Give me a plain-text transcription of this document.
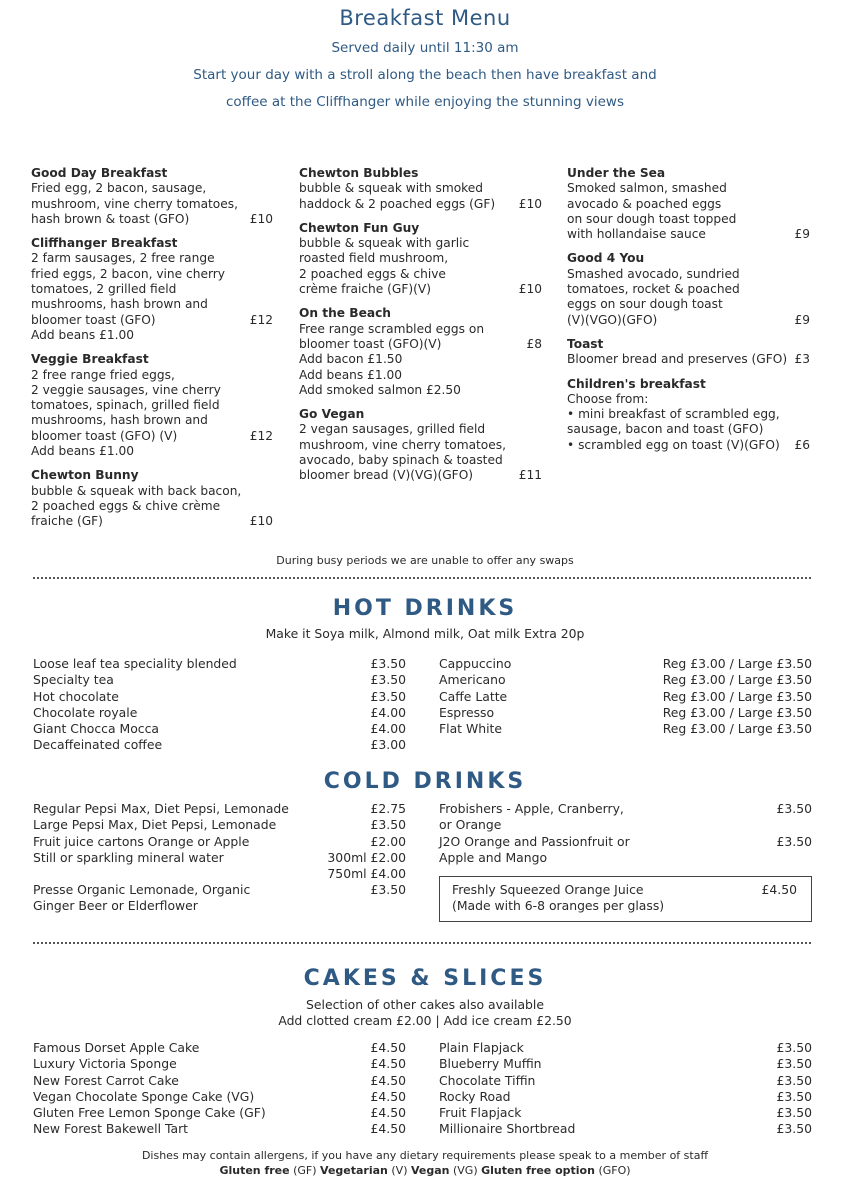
Breakfast Menu
Served daily until 11:30 am
Start your day with a stroll along the beach then have breakfast and
coffee at the Cliffhanger while enjoying the stunning views
Good Day Breakfast
Fried egg, 2 bacon, sausage,
mushroom, vine cherry tomatoes,
hash brown & toast (GFO)	£10
Cliffhanger Breakfast
2 farm sausages, 2 free range
fried eggs, 2 bacon, vine cherry
tomatoes, 2 grilled field
mushrooms, hash brown and
bloomer toast (GFO)	£12
Add beans £1.00
Veggie Breakfast
2 free range fried eggs,
2 veggie sausages, vine cherry
tomatoes, spinach, grilled field
mushrooms, hash brown and
bloomer toast (GFO) (V)	£12
Add beans £1.00
Chewton Bunny
bubble & squeak with back bacon,
2 poached eggs & chive crème
fraiche (GF)	£10
Chewton Bubbles
bubble & squeak with smoked
haddock & 2 poached eggs (GF)	£10
Chewton Fun Guy
bubble & squeak with garlic
roasted field mushroom,
2 poached eggs & chive
crème fraiche (GF)(V)	£10
On the Beach
Free range scrambled eggs on
bloomer toast (GFO)(V)	£8
Add bacon £1.50
Add beans £1.00
Add smoked salmon £2.50
Go Vegan
2 vegan sausages, grilled field
mushroom, vine cherry tomatoes,
avocado, baby spinach & toasted
bloomer bread (V)(VG)(GFO)	£11
Under the Sea
Smoked salmon, smashed
avocado & poached eggs
on sour dough toast topped
with hollandaise sauce	£9
Good 4 You
Smashed avocado, sundried
tomatoes, rocket & poached
eggs on sour dough toast
(V)(VGO)(GFO)	£9
Toast
Bloomer bread and preserves (GFO) £3
Children's breakfast
Choose from:
• mini breakfast of scrambled egg,
sausage, bacon and toast (GFO)
• scrambled egg on toast (V)(GFO)	£6
During busy periods we are unable to offer any swaps
HOT DRINKS
Make it Soya milk, Almond milk, Oat milk Extra 20p
Loose leaf tea speciality blended	£3.50
Specialty tea	£3.50
Hot chocolate	£3.50
Chocolate royale	£4.00
Giant Chocca Mocca	£4.00
Decaffeinated coffee	£3.00
Cappuccino	Reg £3.00 / Large £3.50
Americano	Reg £3.00 / Large £3.50
Caffe Latte	Reg £3.00 / Large £3.50
Espresso	Reg £3.00 / Large £3.50
Flat White	Reg £3.00 / Large £3.50
COLD DRINKS
Regular Pepsi Max, Diet Pepsi, Lemonade	£2.75
Large Pepsi Max, Diet Pepsi, Lemonade	£3.50
Fruit juice cartons Orange or Apple	£2.00
Still or sparkling mineral water	300ml £2.00
750ml £4.00
Presse Organic Lemonade, Organic	£3.50
Ginger Beer or Elderflower
Frobishers - Apple, Cranberry,	£3.50
or Orange
J2O Orange and Passionfruit or	£3.50
Apple and Mango
Freshly Squeezed Orange Juice	£4.50
(Made with 6-8 oranges per glass)
CAKES & SLICES
Selection of other cakes also available
Add clotted cream £2.00 | Add ice cream £2.50
Famous Dorset Apple Cake	£4.50
Luxury Victoria Sponge	£4.50
New Forest Carrot Cake	£4.50
Vegan Chocolate Sponge Cake (VG)	£4.50
Gluten Free Lemon Sponge Cake (GF)	£4.50
New Forest Bakewell Tart	£4.50
Plain Flapjack	£3.50
Blueberry Muffin	£3.50
Chocolate Tiffin	£3.50
Rocky Road	£3.50
Fruit Flapjack	£3.50
Millionaire Shortbread	£3.50
Dishes may contain allergens, if you have any dietary requirements please speak to a member of staff
Gluten free (GF) Vegetarian (V) Vegan (VG) Gluten free option (GFO)
